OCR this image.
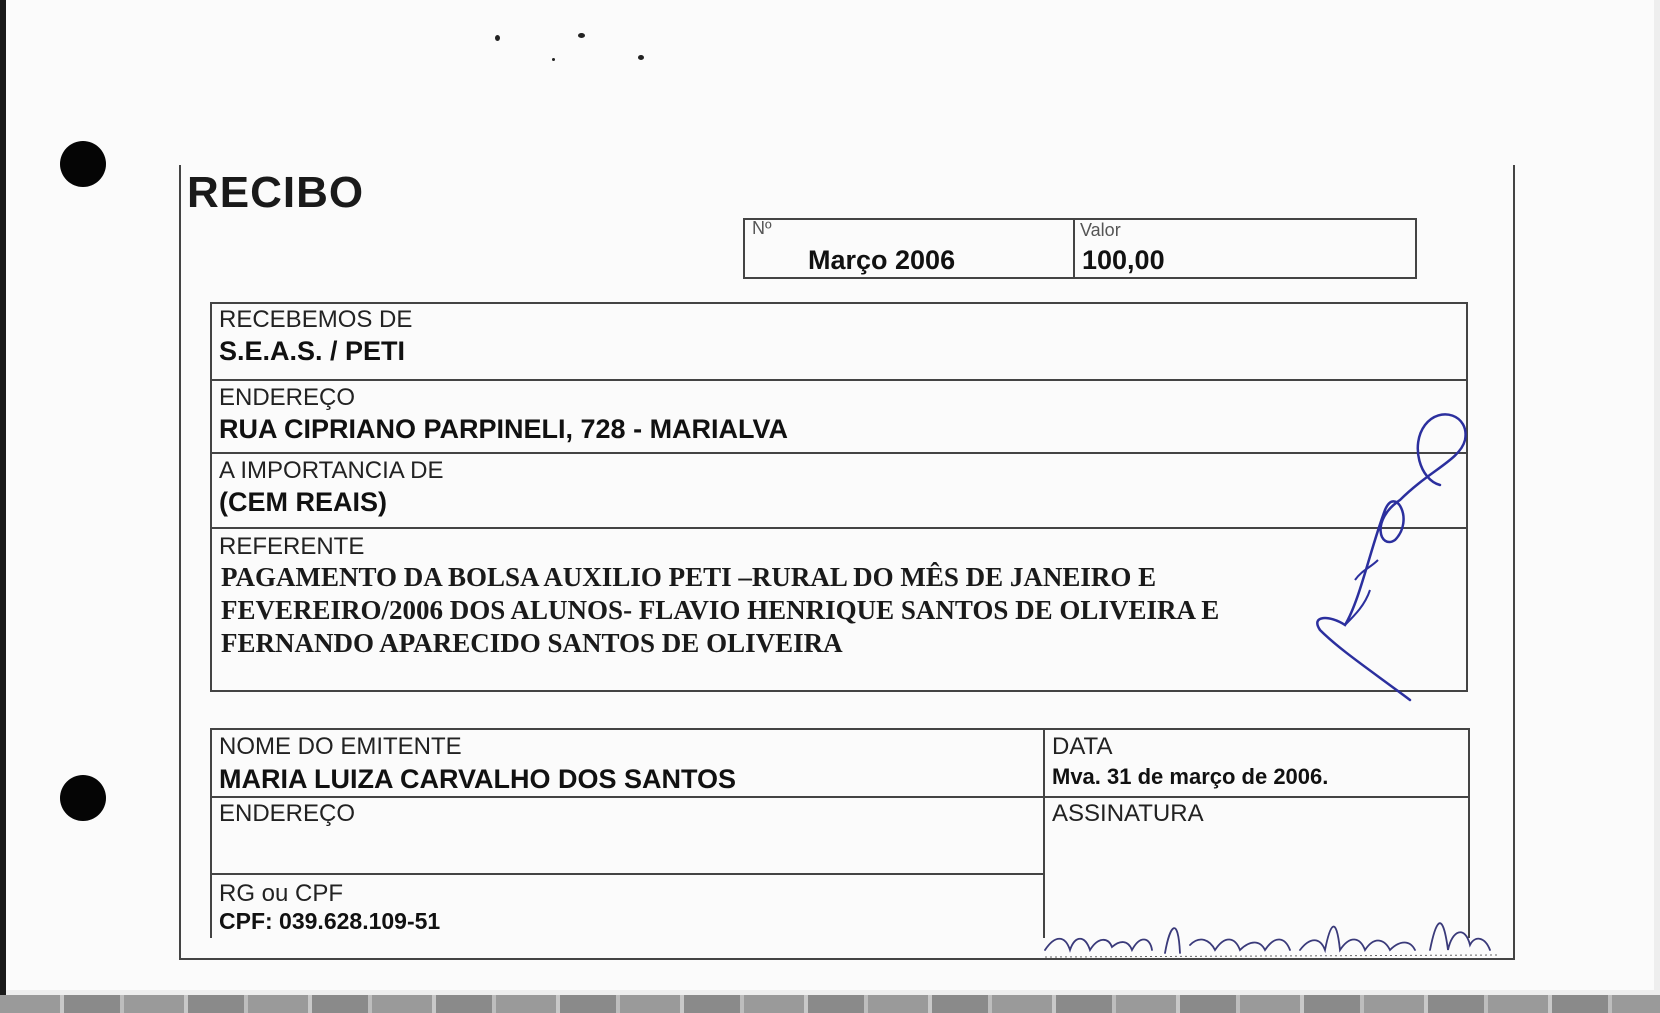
RECIBO
Nº
Março 2006
Valor
100,00
RECEBEMOS DE
S.E.A.S. / PETI
ENDEREÇO
RUA CIPRIANO PARPINELI, 728 - MARIALVA
A IMPORTANCIA DE
(CEM REAIS)
REFERENTE
PAGAMENTO DA BOLSA AUXILIO PETI –RURAL DO MÊS DE JANEIRO E
FEVEREIRO/2006 DOS ALUNOS- FLAVIO HENRIQUE SANTOS DE OLIVEIRA E
FERNANDO APARECIDO SANTOS DE OLIVEIRA
NOME DO EMITENTE
MARIA LUIZA CARVALHO DOS SANTOS
DATA
Mva. 31 de março de 2006.
ENDEREÇO	ASSINATURA
RG ou CPF
CPF: 039.628.109-51
